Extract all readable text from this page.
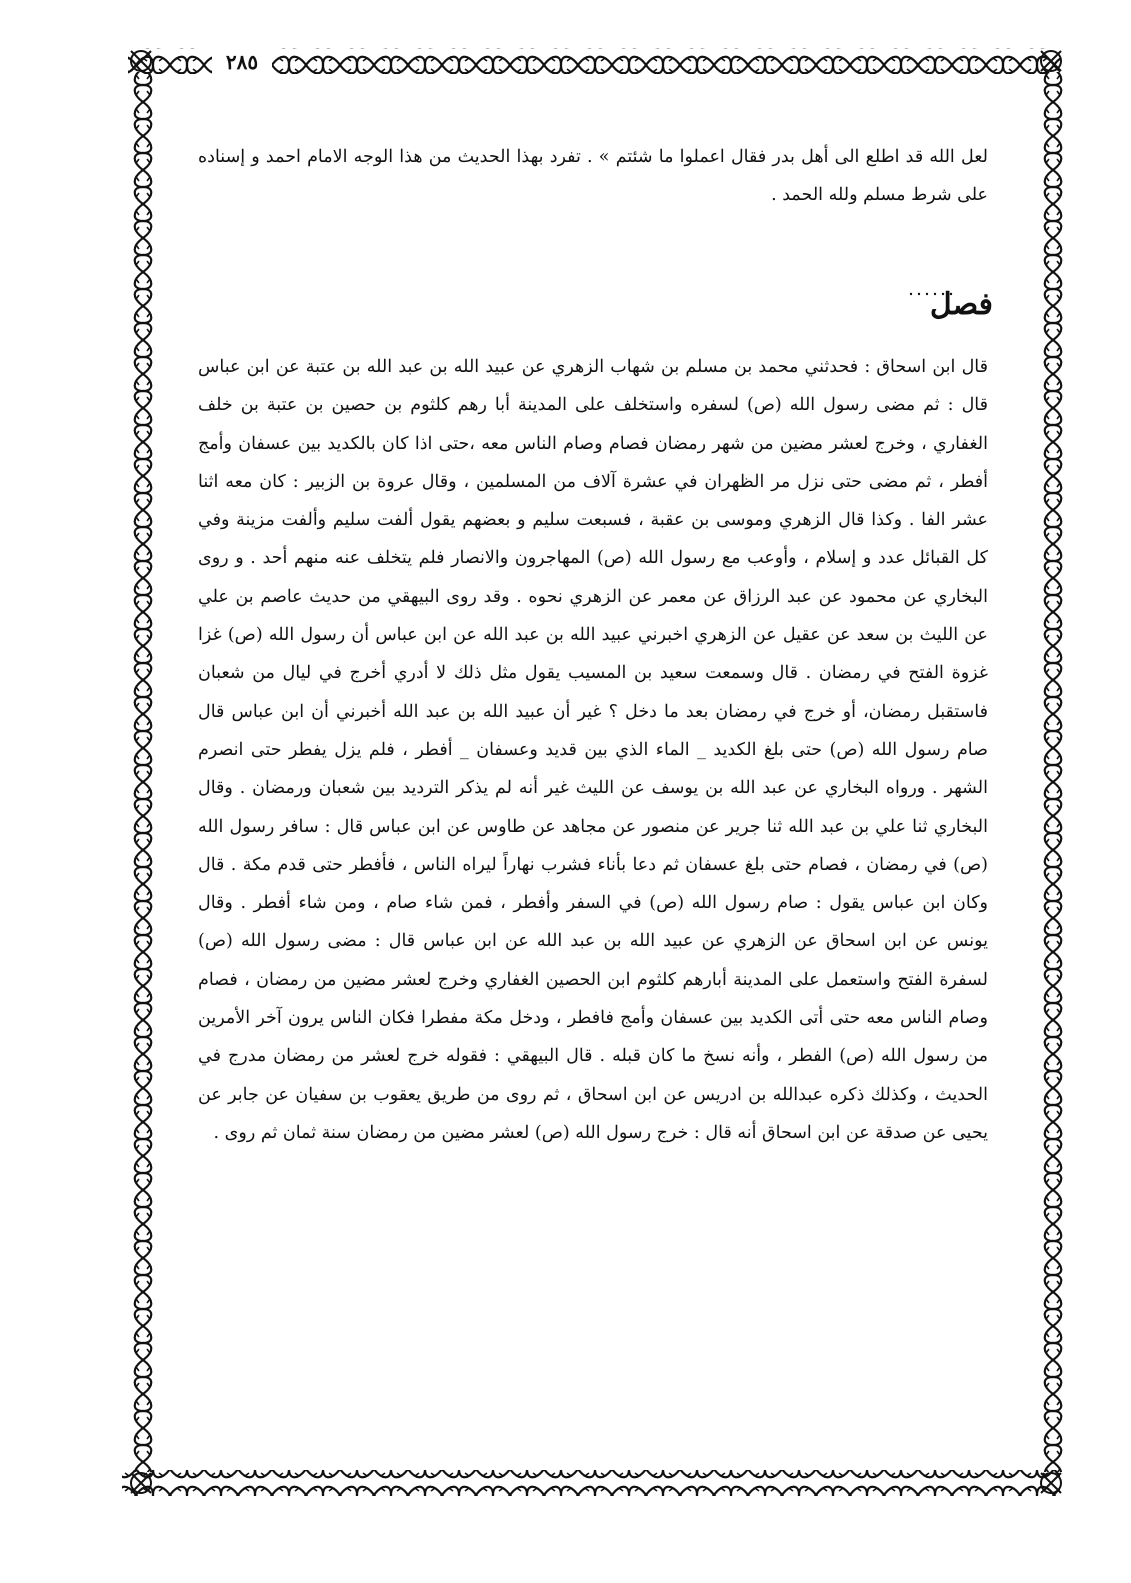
٢٨٥

لعل الله قد اطلع الى أهل بدر فقال اعملوا ما شئتم » . تفرد بهذا الحديث من هذا الوجه الامام احمد و إسناده على شرط مسلم ولله الحمد .

فصل

قال ابن اسحاق : فحدثني محمد بن مسلم بن شهاب الزهري عن عبيد الله بن عبد الله بن عتبة عن ابن عباس قال : ثم مضى رسول الله (ص) لسفره واستخلف على المدينة أبا رهم كلثوم بن حصين بن عتبة بن خلف الغفاري ، وخرج لعشر مضين من شهر رمضان فصام وصام الناس معه ،حتى اذا كان بالكديد بين عسفان وأمج أفطر ، ثم مضى حتى نزل مر الظهران في عشرة آلاف من المسلمين ، وقال عروة بن الزبير : كان معه اثنا عشر الفا . وكذا قال الزهري وموسى بن عقبة ، فسبعت سليم و بعضهم يقول ألفت سليم وألفت مزينة وفي كل القبائل عدد و إسلام ، وأوعب مع رسول الله (ص) المهاجرون والانصار فلم يتخلف عنه منهم أحد . و روى البخاري عن محمود عن عبد الرزاق عن معمر عن الزهري نحوه . وقد روى البيهقي من حديث عاصم بن علي عن الليث بن سعد عن عقيل عن الزهري اخبرني عبيد الله بن عبد الله عن ابن عباس أن رسول الله (ص) غزا غزوة الفتح في رمضان . قال وسمعت سعيد بن المسيب يقول مثل ذلك لا أدري أخرج في ليال من شعبان فاستقبل رمضان، أو خرج في رمضان بعد ما دخل ؟ غير أن عبيد الله بن عبد الله أخبرني أن ابن عباس قال صام رسول الله (ص) حتى بلغ الكديد _ الماء الذي بين قديد وعسفان _ أفطر ، فلم يزل يفطر حتى انصرم الشهر . ورواه البخاري عن عبد الله بن يوسف عن الليث غير أنه لم يذكر الترديد بين شعبان ورمضان . وقال البخاري ثنا علي بن عبد الله ثنا جرير عن منصور عن مجاهد عن طاوس عن ابن عباس قال : سافر رسول الله (ص) في رمضان ، فصام حتى بلغ عسفان ثم دعا بأناء فشرب نهاراً ليراه الناس ، فأفطر حتى قدم مكة . قال وكان ابن عباس يقول : صام رسول الله (ص) في السفر وأفطر ، فمن شاء صام ، ومن شاء أفطر . وقال يونس عن ابن اسحاق عن الزهري عن عبيد الله بن عبد الله عن ابن عباس قال : مضى رسول الله (ص) لسفرة الفتح واستعمل على المدينة أبارهم كلثوم ابن الحصين الغفاري وخرج لعشر مضين من رمضان ، فصام وصام الناس معه حتى أتى الكديد بين عسفان وأمج فافطر ، ودخل مكة مفطرا فكان الناس يرون آخر الأمرين من رسول الله (ص) الفطر ، وأنه نسخ ما كان قبله . قال البيهقي : فقوله خرج لعشر من رمضان مدرج في الحديث ، وكذلك ذكره عبدالله بن ادريس عن ابن اسحاق ، ثم روى من طريق يعقوب بن سفيان عن جابر عن يحيى عن صدقة عن ابن اسحاق أنه قال : خرج رسول الله (ص) لعشر مضين من رمضان سنة ثمان ثم روى .
